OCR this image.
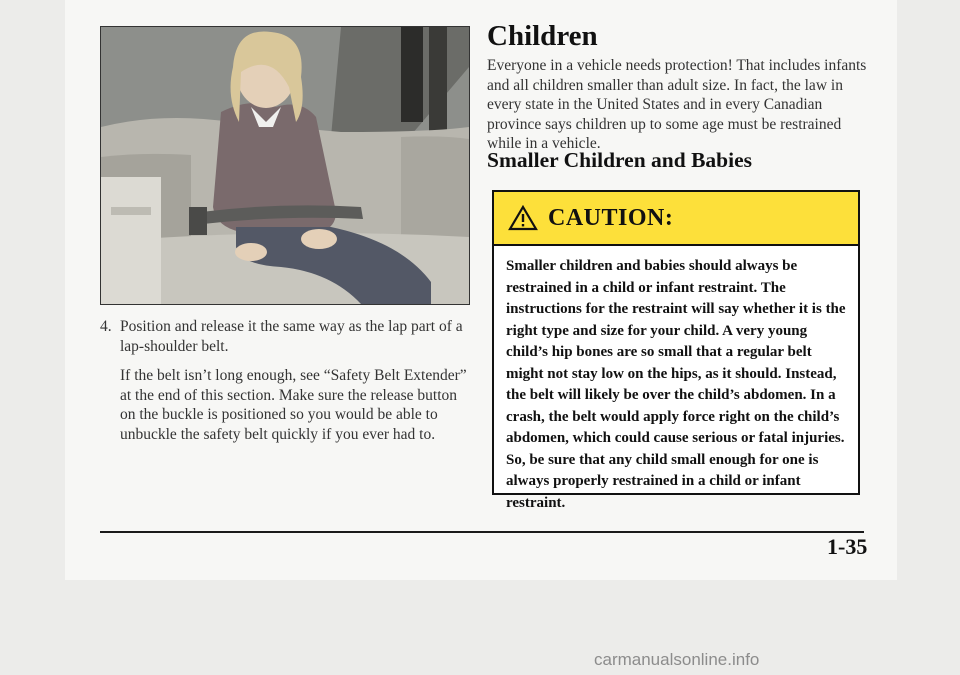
4. Position and release it the same way as the lap part of a lap-shoulder belt.

If the belt isn’t long enough, see “Safety Belt Extender” at the end of this section. Make sure the release button on the buckle is positioned so you would be able to unbuckle the safety belt quickly if you ever had to.

Children

Everyone in a vehicle needs protection! That includes infants and all children smaller than adult size. In fact, the law in every state in the United States and in every Canadian province says children up to some age must be restrained while in a vehicle.

Smaller Children and Babies
CAUTION:

Smaller children and babies should always be restrained in a child or infant restraint. The instructions for the restraint will say whether it is the right type and size for your child. A very young child’s hip bones are so small that a regular belt might not stay low on the hips, as it should. Instead, the belt will likely be over the child’s abdomen. In a crash, the belt would apply force right on the child’s abdomen, which could cause serious or fatal injuries. So, be sure that any child small enough for one is always properly restrained in a child or infant restraint.

1-35

carmanualsonline.info
